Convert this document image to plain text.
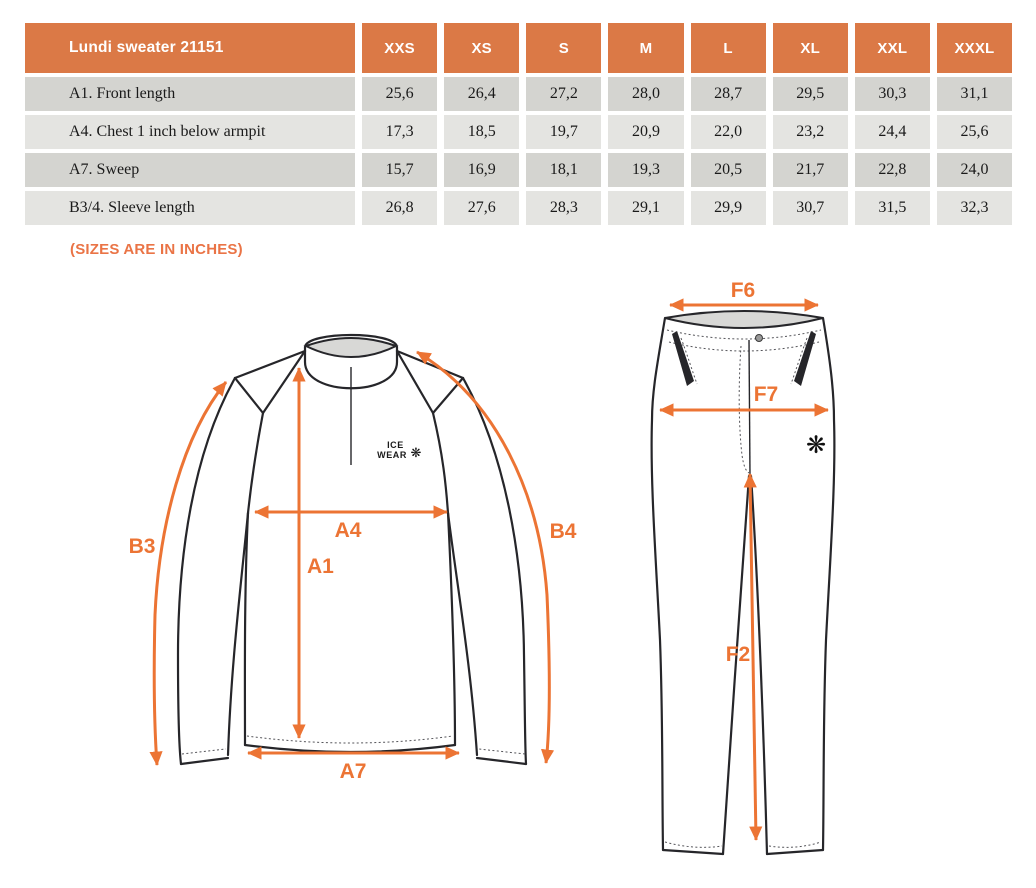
Lundi sweater 21151	XXS	XS	S	M	L	XL	XXL	XXXL
A1. Front length	25,6	26,4	27,2	28,0	28,7	29,5	30,3	31,1
A4. Chest 1 inch below armpit	17,3	18,5	19,7	20,9	22,0	23,2	24,4	25,6
A7. Sweep	15,7	16,9	18,1	19,3	20,5	21,7	22,8	24,0
B3/4. Sleeve length	26,8	27,6	28,3	29,1	29,9	30,7	31,5	32,3
(SIZES ARE IN INCHES)
ICE WEAR ❋
B3
A4
A1
B4
A7
❋
F6
F7
F2
